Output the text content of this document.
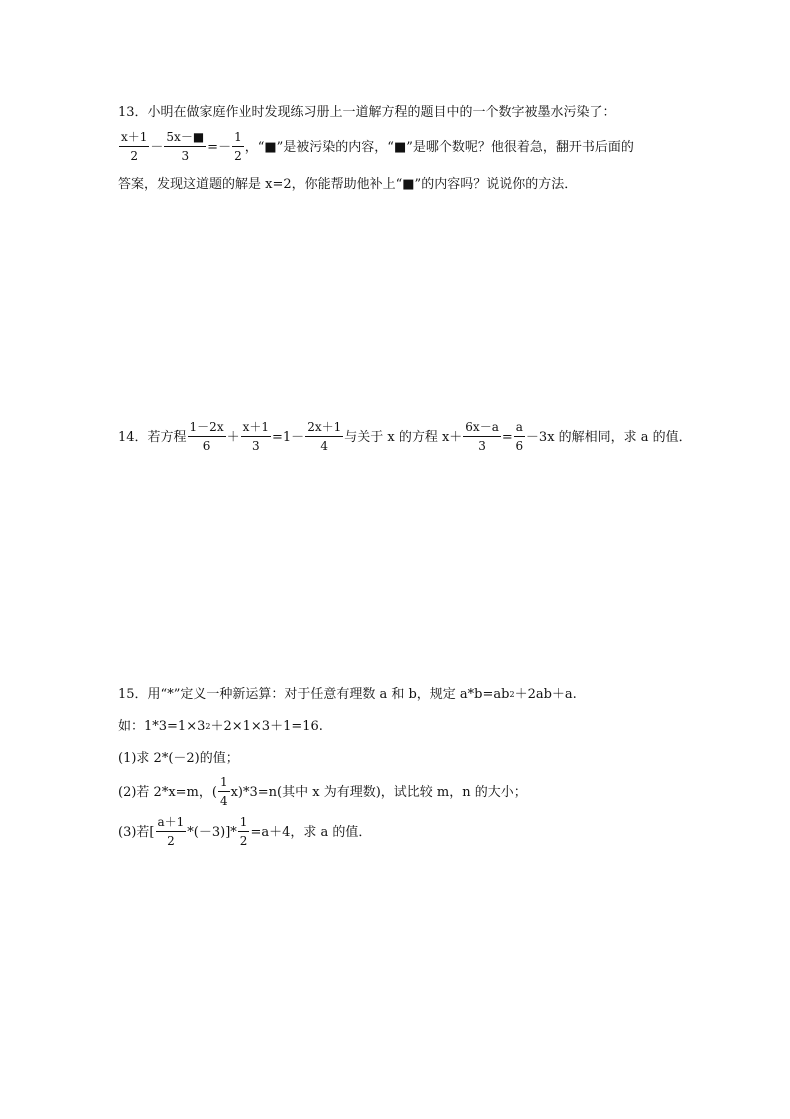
13．小明在做家庭作业时发现练习册上一道解方程的题目中的一个数字被墨水污染了：
$\frac{x+1}{2} - \frac{5x-■}{3} =- \frac{1}{2}$ ，“■”是被污染的内容，“■”是哪个数呢？他很着急，翻开书后面的
答案，发现这道题的解是 x=2，你能帮助他补上“■”的内容吗？说说你的方法．
14．若方程 $\frac{1-2x}{6} + \frac{x+1}{3} =1- \frac{2x+1}{4}$ 与关于 x 的方程 $x+ \frac{6x-a}{3} = \frac{a}{6} -3x$ 的解相同，求 a 的值．
15．用“*”定义一种新运算：对于任意有理数 a 和 b，规定 a*b=ab 2 ＋2ab＋a.
如：1*3=1×3 2 ＋2×1×3＋1=16.
(1)求 2*(－2)的值；
(2)若 2*x=m，( $\frac{1}{4} x)*3=n$(其中 x 为有理数)，试比较 m，n 的大小；
(3)若[ $\frac{a+1}{2} *(-3)]* \frac{1}{2} =a+4$，求 a 的值．
